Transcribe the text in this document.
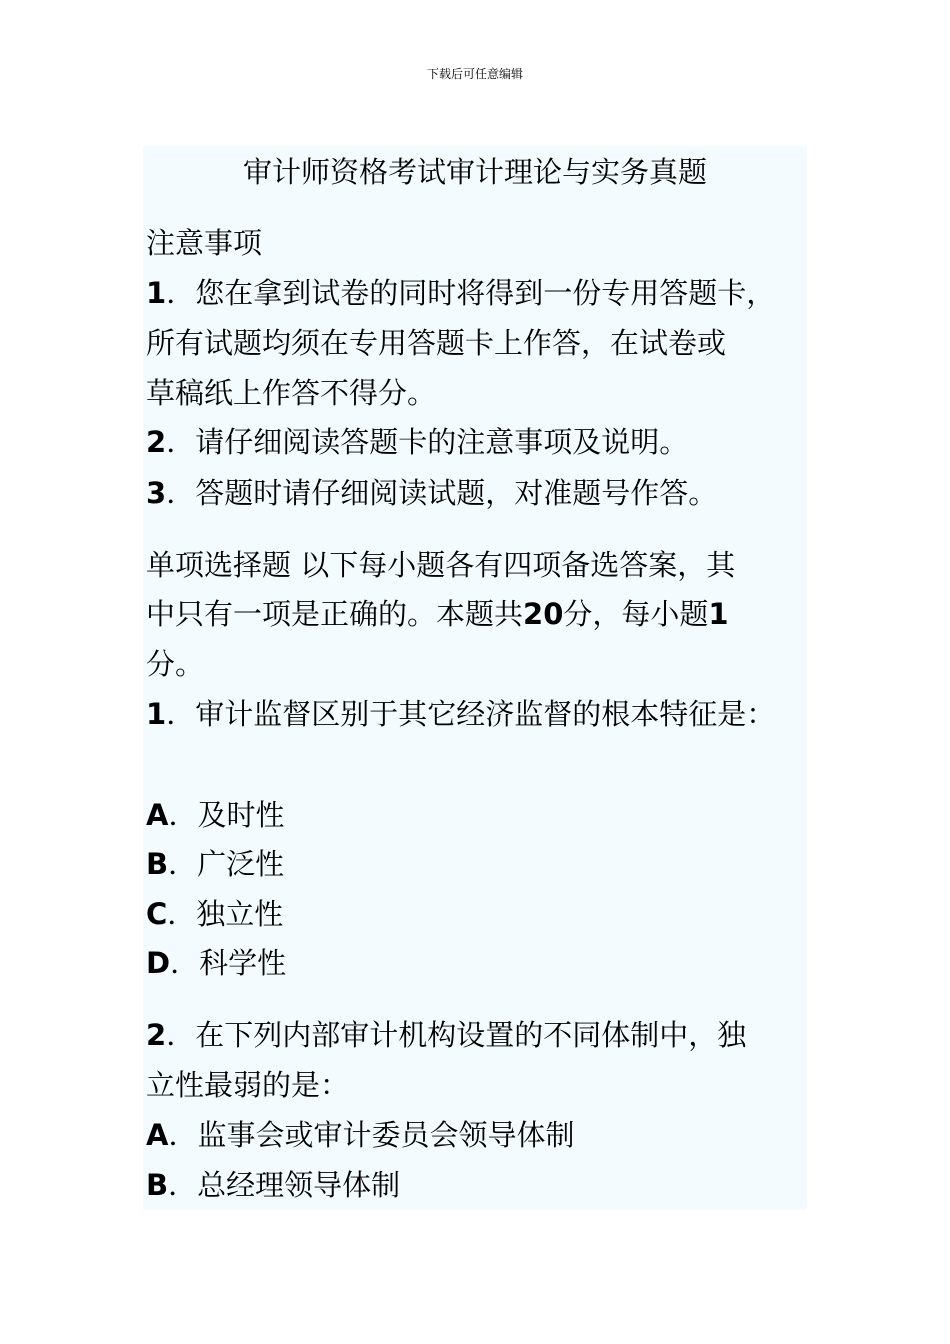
下载后可任意编辑
审计师资格考试审计理论与实务真题
注意事项
1．您在拿到试卷的同时将得到一份专用答题卡，
所有试题均须在专用答题卡上作答，在试卷或
草稿纸上作答不得分。
2．请仔细阅读答题卡的注意事项及说明。
3．答题时请仔细阅读试题，对准题号作答。
单项选择题 以下每小题各有四项备选答案，其
中只有一项是正确的。本题共20分，每小题1
分。
1．审计监督区别于其它经济监督的根本特征是：
A．及时性
B．广泛性
C．独立性
D．科学性
2．在下列内部审计机构设置的不同体制中，独
立性最弱的是：
A．监事会或审计委员会领导体制
B．总经理领导体制
